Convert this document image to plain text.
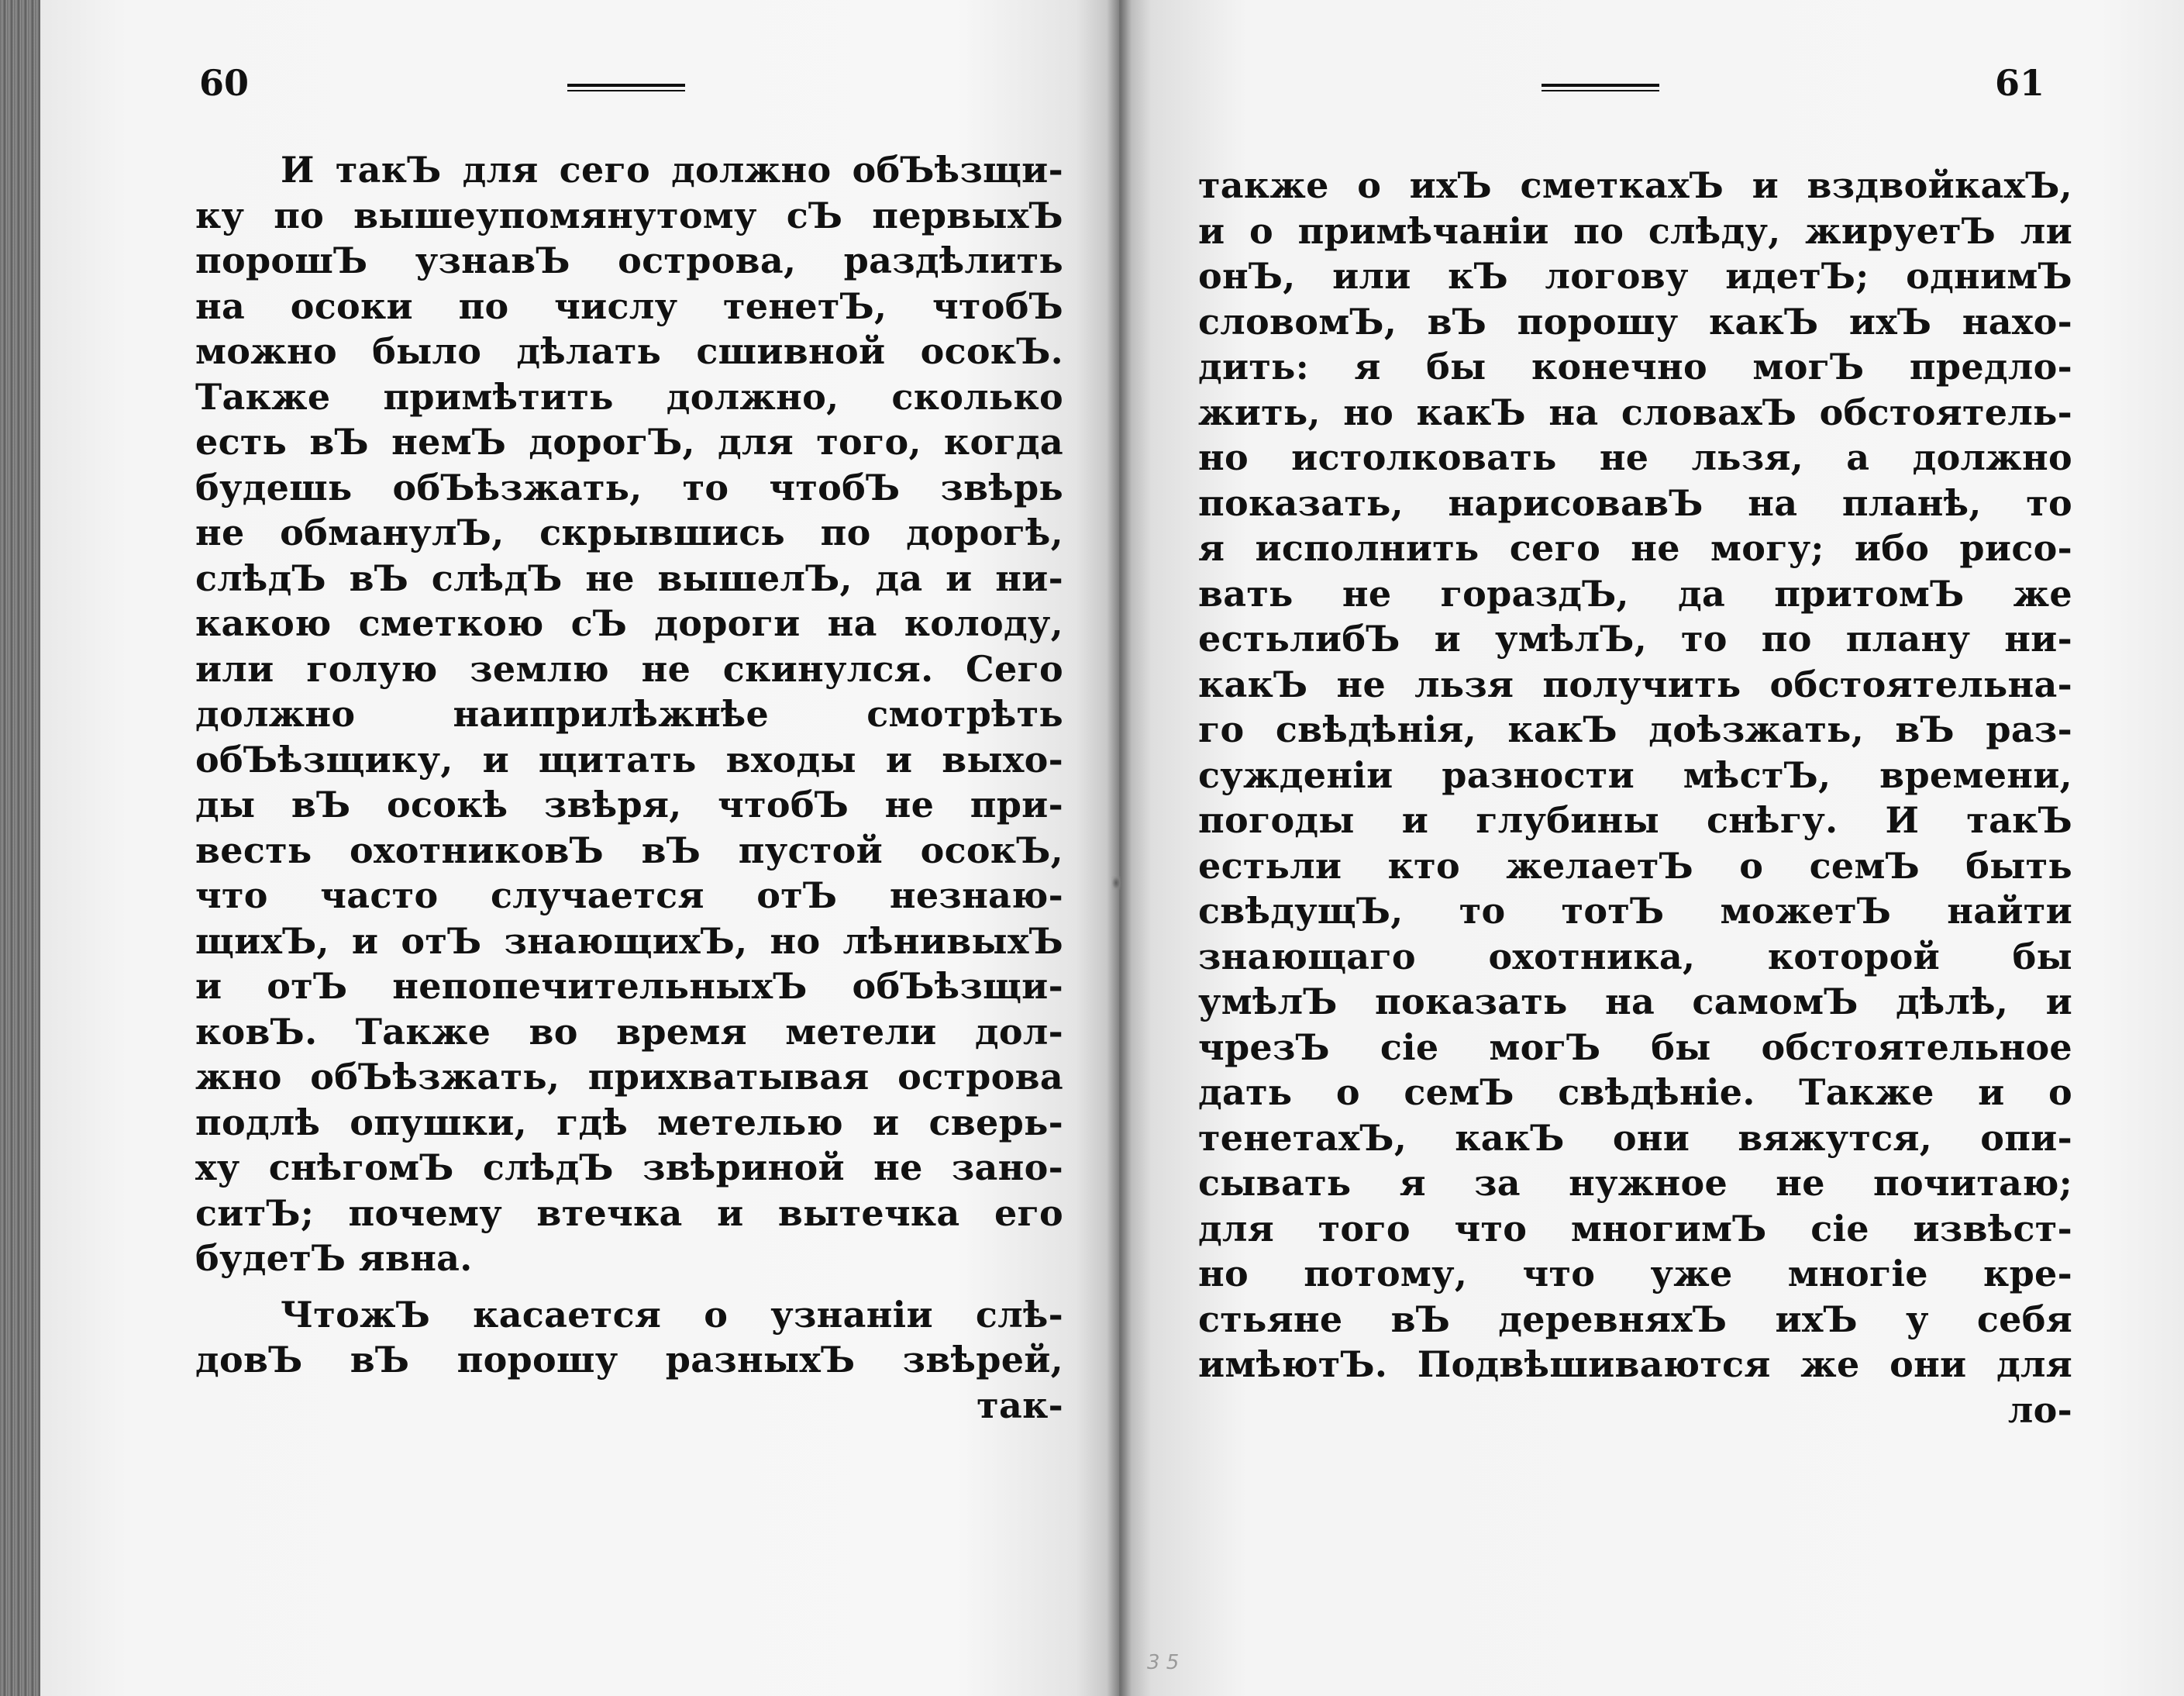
60
И такЪ для сего должно обЪѣзщи-
ку по вышеупомянутому сЪ первыхЪ
порошЪ узнавЪ острова, раздѣлить
на осоки по числу тенетЪ, чтобЪ
можно было дѣлать сшивной осокЪ.
Также примѣтить должно, сколько
есть вЪ немЪ дорогЪ, для того, когда
будешь обЪѣзжать, то чтобЪ звѣрь
не обманулЪ, скрывшись по дорогѣ,
слѣдЪ вЪ слѣдЪ не вышелЪ, да и ни-
какою сметкою сЪ дороги на колоду,
или голую землю не скинулся. Сего
должно наиприлѣжнѣе смотрѣть
обЪѣзщику, и щитать входы и выхо-
ды вЪ осокѣ звѣря, чтобЪ не при-
весть охотниковЪ вЪ пустой осокЪ,
что часто случается отЪ незнаю-
щихЪ, и отЪ знающихЪ, но лѣнивыхЪ
и отЪ непопечительныхЪ обЪѣзщи-
ковЪ. Также во время метели дол-
жно обЪѣзжать, прихватывая острова
подлѣ опушки, гдѣ метелью и сверь-
ху снѣгомЪ слѣдЪ звѣриной не зано-
ситЪ; почему втечка и вытечка его
будетЪ явна.
ЧтожЪ касается о узнаніи слѣ-
довЪ вЪ порошу разныхЪ звѣрей,
так-
61
также о ихЪ сметкахЪ и вздвойкахЪ,
и о примѣчаніи по слѣду, жируетЪ ли
онЪ, или кЪ логову идетЪ; однимЪ
словомЪ, вЪ порошу какЪ ихЪ нахо-
дить: я бы конечно могЪ предло-
жить, но какЪ на словахЪ обстоятель-
но истолковать не льзя, а должно
показать, нарисовавЪ на планѣ, то
я исполнить сего не могу; ибо рисо-
вать не гораздЪ, да притомЪ же
естьлибЪ и умѣлЪ, то по плану ни-
какЪ не льзя получить обстоятельна-
го свѣдѣнія, какЪ доѣзжать, вЪ раз-
сужденіи разности мѣстЪ, времени,
погоды и глубины снѣгу. И такЪ
естьли кто желаетЪ о семЪ быть
свѣдущЪ, то тотЪ можетЪ найти
знающаго охотника, которой бы
умѣлЪ показать на самомЪ дѣлѣ, и
чрезЪ сіе могЪ бы обстоятельное
дать о семЪ свѣдѣніе. Также и о
тенетахЪ, какЪ они вяжутся, опи-
сывать я за нужное не почитаю;
для того что многимЪ сіе извѣст-
но потому, что уже многіе кре-
стьяне вЪ деревняхЪ ихЪ у себя
имѣютЪ. Подвѣшиваются же они для
ло-
3 5
